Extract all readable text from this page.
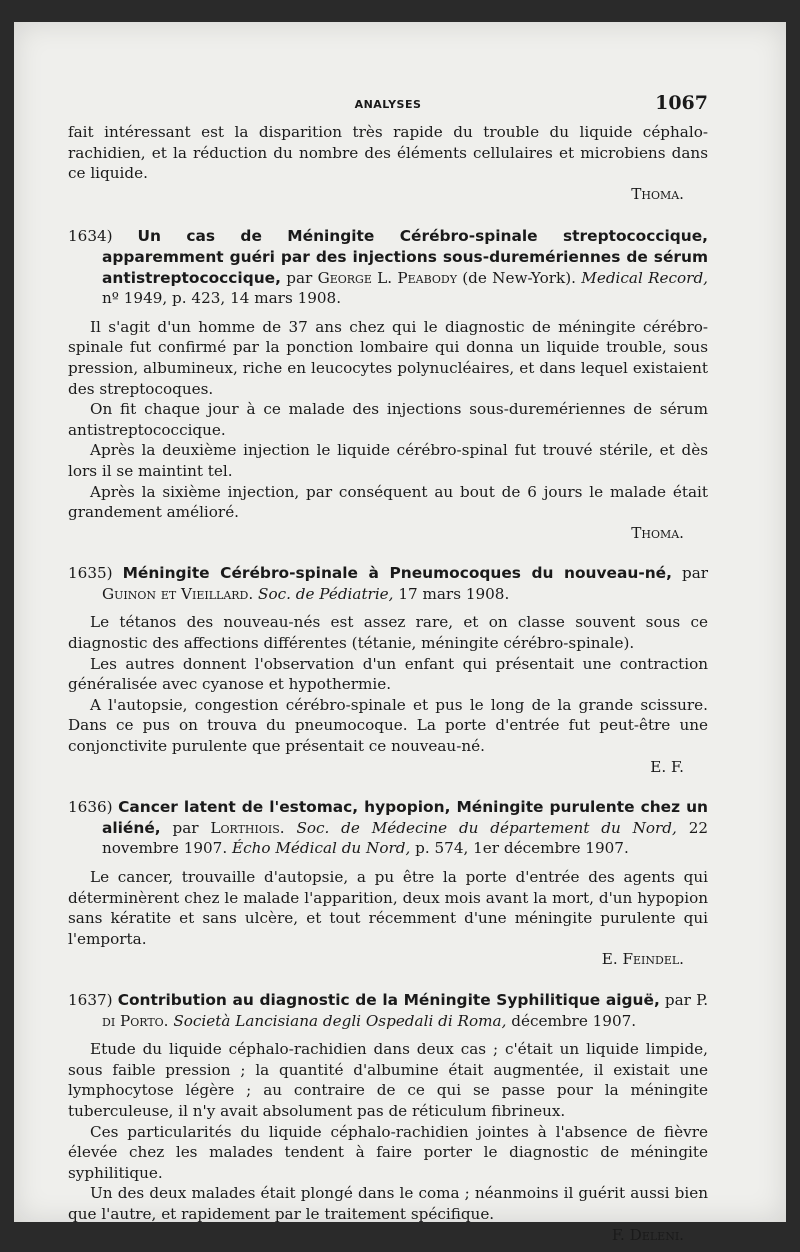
ANALYSES	1067

fait intéressant est la disparition très rapide du trouble du liquide céphalo-rachidien, et la réduction du nombre des éléments cellulaires et microbiens dans ce liquide.

Thoma.

1634) Un cas de Méningite Cérébro-spinale streptococcique, apparemment guéri par des injections sous-duremériennes de sérum antistreptococcique, par George L. Peabody (de New-York). Medical Record, nº 1949, p. 423, 14 mars 1908.

Il s'agit d'un homme de 37 ans chez qui le diagnostic de méningite cérébro-spinale fut confirmé par la ponction lombaire qui donna un liquide trouble, sous pression, albumineux, riche en leucocytes polynucléaires, et dans lequel existaient des streptocoques.

On fit chaque jour à ce malade des injections sous-duremériennes de sérum antistreptococcique.

Après la deuxième injection le liquide cérébro-spinal fut trouvé stérile, et dès lors il se maintint tel.

Après la sixième injection, par conséquent au bout de 6 jours le malade était grandement amélioré.

Thoma.

1635) Méningite Cérébro-spinale à Pneumocoques du nouveau-né, par Guinon et Vieillard. Soc. de Pédiatrie, 17 mars 1908.

Le tétanos des nouveau-nés est assez rare, et on classe souvent sous ce diagnostic des affections différentes (tétanie, méningite cérébro-spinale).

Les autres donnent l'observation d'un enfant qui présentait une contraction généralisée avec cyanose et hypothermie.

A l'autopsie, congestion cérébro-spinale et pus le long de la grande scissure. Dans ce pus on trouva du pneumocoque. La porte d'entrée fut peut-être une conjonctivite purulente que présentait ce nouveau-né.

E. F.

1636) Cancer latent de l'estomac, hypopion, Méningite purulente chez un aliéné, par Lorthiois. Soc. de Médecine du département du Nord, 22 novembre 1907. Écho Médical du Nord, p. 574, 1er décembre 1907.

Le cancer, trouvaille d'autopsie, a pu être la porte d'entrée des agents qui déterminèrent chez le malade l'apparition, deux mois avant la mort, d'un hypopion sans kératite et sans ulcère, et tout récemment d'une méningite purulente qui l'emporta.

E. Feindel.

1637) Contribution au diagnostic de la Méningite Syphilitique aiguë, par P. di Porto. Società Lancisiana degli Ospedali di Roma, décembre 1907.

Etude du liquide céphalo-rachidien dans deux cas ; c'était un liquide limpide, sous faible pression ; la quantité d'albumine était augmentée, il existait une lymphocytose légère ; au contraire de ce qui se passe pour la méningite tuberculeuse, il n'y avait absolument pas de réticulum fibrineux.

Ces particularités du liquide céphalo-rachidien jointes à l'absence de fièvre élevée chez les malades tendent à faire porter le diagnostic de méningite syphilitique.

Un des deux malades était plongé dans le coma ; néanmoins il guérit aussi bien que l'autre, et rapidement par le traitement spécifique.

F. Deleni.
